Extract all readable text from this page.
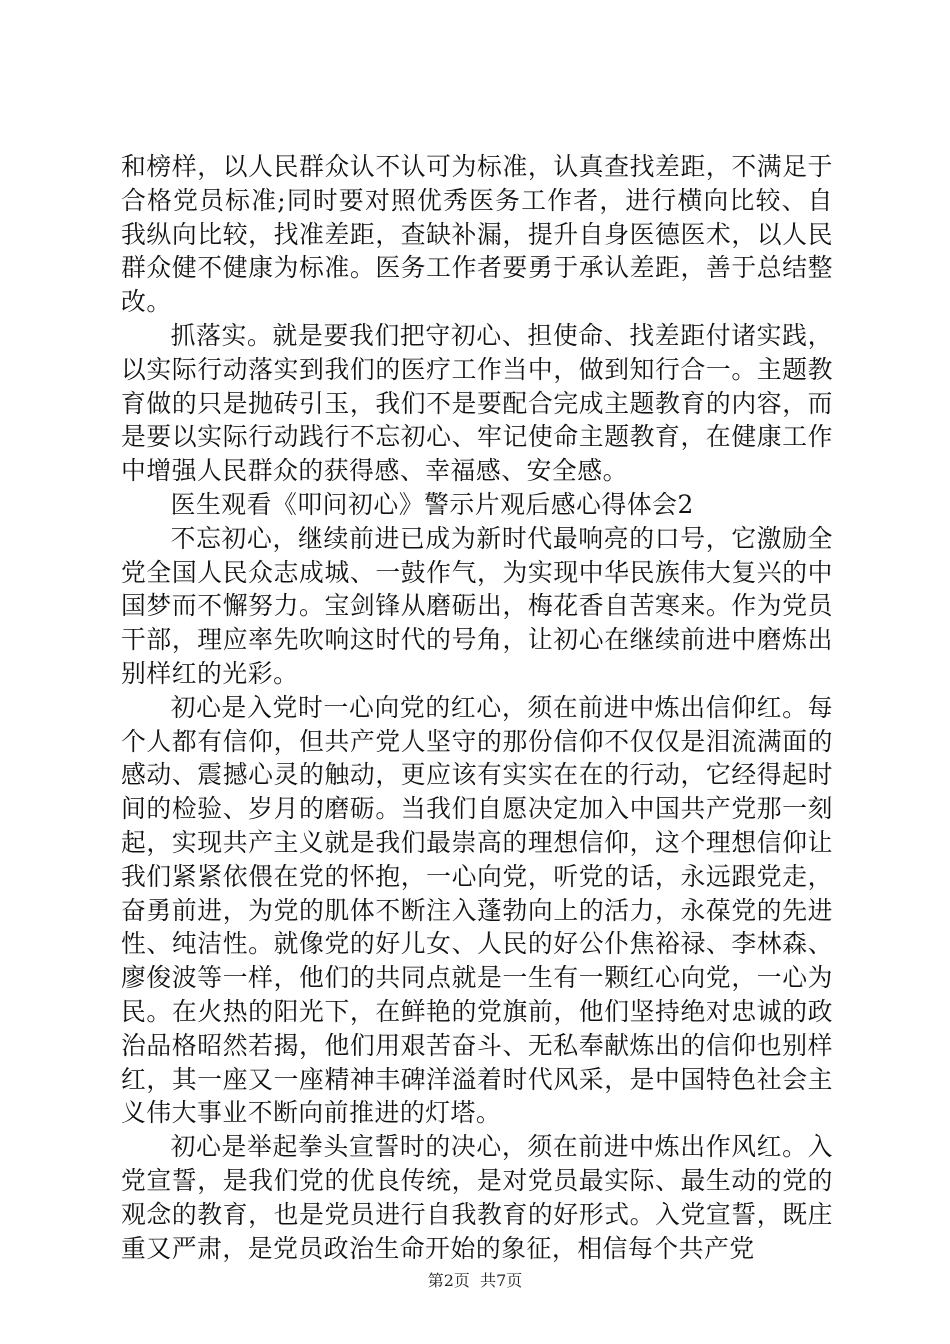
和榜样，以人民群众认不认可为标准，认真查找差距，不满足于合格党员标准;同时要对照优秀医务工作者，进行横向比较、自我纵向比较，找准差距，查缺补漏，提升自身医德医术，以人民群众健不健康为标准。医务工作者要勇于承认差距，善于总结整改。

抓落实。就是要我们把守初心、担使命、找差距付诸实践，以实际行动落实到我们的医疗工作当中，做到知行合一。主题教育做的只是抛砖引玉，我们不是要配合完成主题教育的内容，而是要以实际行动践行不忘初心、牢记使命主题教育，在健康工作中增强人民群众的获得感、幸福感、安全感。

医生观看《叩问初心》警示片观后感心得体会2

不忘初心，继续前进已成为新时代最响亮的口号，它激励全党全国人民众志成城、一鼓作气，为实现中华民族伟大复兴的中国梦而不懈努力。宝剑锋从磨砺出，梅花香自苦寒来。作为党员干部，理应率先吹响这时代的号角，让初心在继续前进中磨炼出别样红的光彩。

初心是入党时一心向党的红心，须在前进中炼出信仰红。每个人都有信仰，但共产党人坚守的那份信仰不仅仅是泪流满面的感动、震撼心灵的触动，更应该有实实在在的行动，它经得起时间的检验、岁月的磨砺。当我们自愿决定加入中国共产党那一刻起，实现共产主义就是我们最崇高的理想信仰，这个理想信仰让我们紧紧依偎在党的怀抱，一心向党，听党的话，永远跟党走，奋勇前进，为党的肌体不断注入蓬勃向上的活力，永葆党的先进性、纯洁性。就像党的好儿女、人民的好公仆焦裕禄、李林森、廖俊波等一样，他们的共同点就是一生有一颗红心向党，一心为民。在火热的阳光下，在鲜艳的党旗前，他们坚持绝对忠诚的政治品格昭然若揭，他们用艰苦奋斗、无私奉献炼出的信仰也别样红，其一座又一座精神丰碑洋溢着时代风采，是中国特色社会主义伟大事业不断向前推进的灯塔。

初心是举起拳头宣誓时的决心，须在前进中炼出作风红。入党宣誓，是我们党的优良传统，是对党员最实际、最生动的党的观念的教育，也是党员进行自我教育的好形式。入党宣誓，既庄重又严肃，是党员政治生命开始的象征，相信每个共产党

第2页 共7页
